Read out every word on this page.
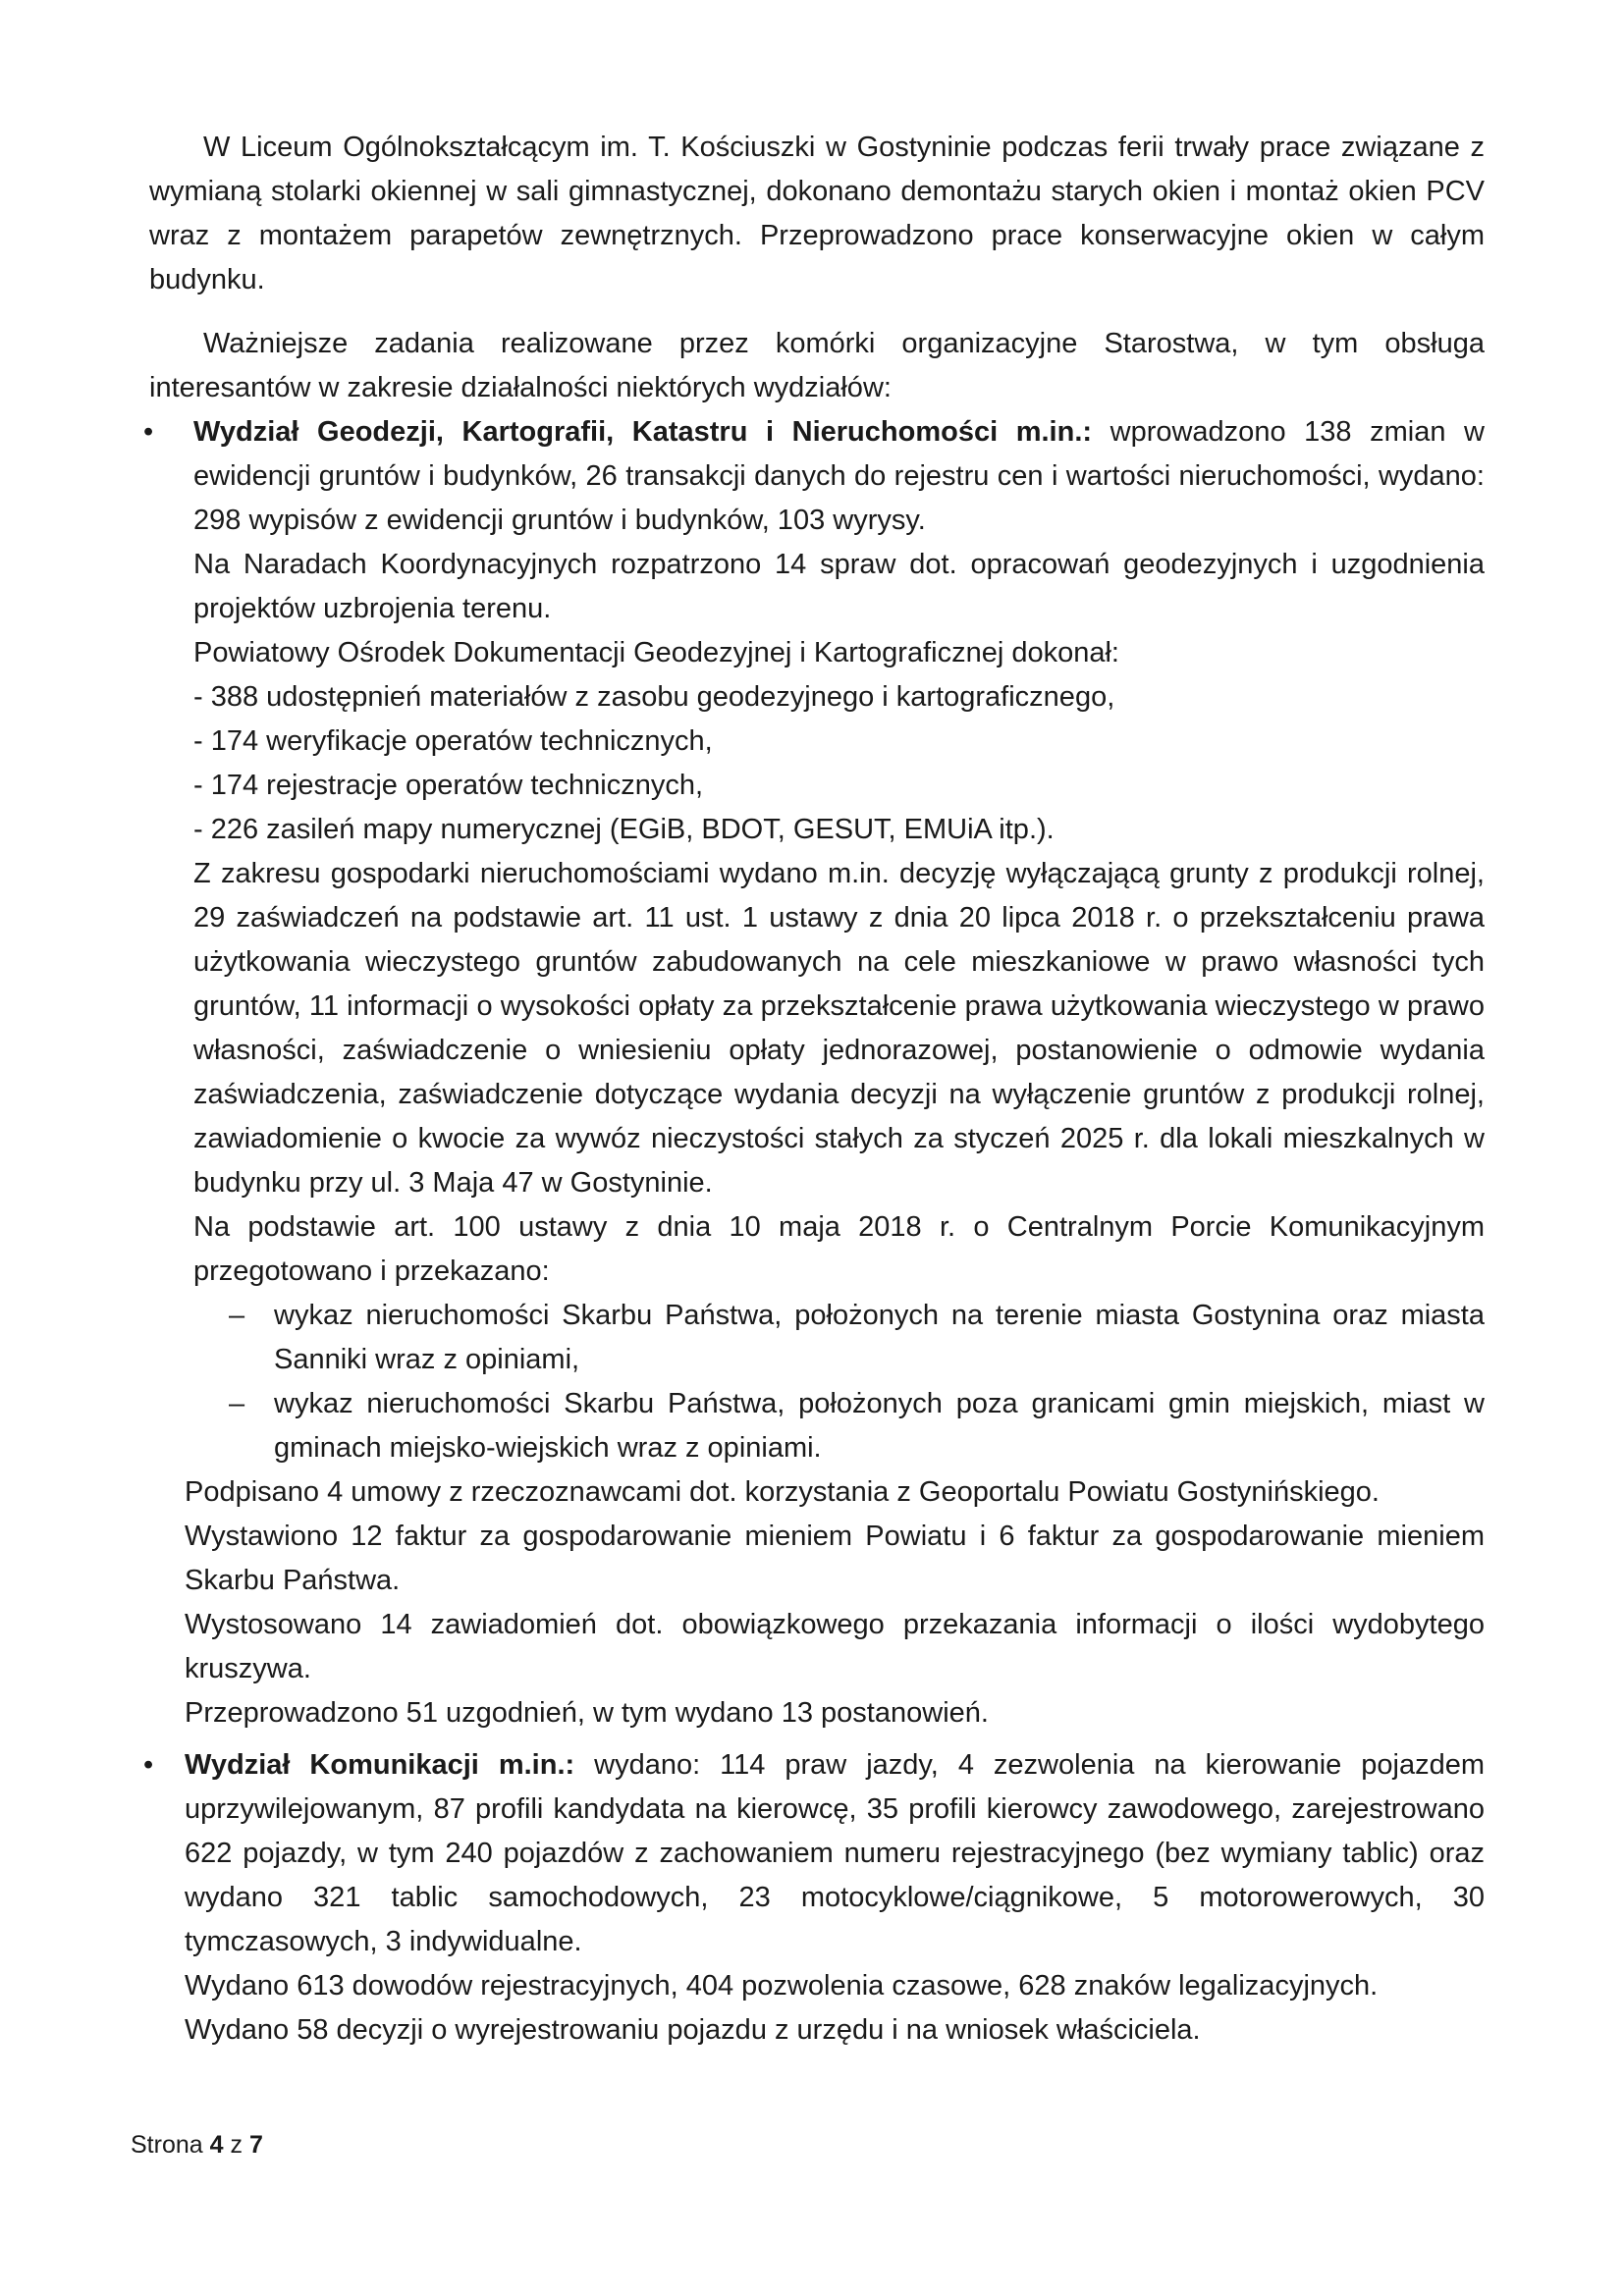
W Liceum Ogólnokształcącym im. T. Kościuszki w Gostyninie podczas ferii trwały prace związane z wymianą stolarki okiennej w sali gimnastycznej, dokonano demontażu starych okien i montaż okien PCV wraz z montażem parapetów zewnętrznych. Przeprowadzono prace konserwacyjne okien w całym budynku.

Ważniejsze zadania realizowane przez komórki organizacyjne Starostwa, w tym obsługa interesantów w zakresie działalności niektórych wydziałów:

• Wydział Geodezji, Kartografii, Katastru i Nieruchomości m.in.: wprowadzono 138 zmian w ewidencji gruntów i budynków, 26 transakcji danych do rejestru cen i wartości nieruchomości, wydano: 298 wypisów z ewidencji gruntów i budynków, 103 wyrysy.

Na Naradach Koordynacyjnych rozpatrzono 14 spraw dot. opracowań geodezyjnych i uzgodnienia projektów uzbrojenia terenu.

Powiatowy Ośrodek Dokumentacji Geodezyjnej i Kartograficznej dokonał:

- 388 udostępnień materiałów z zasobu geodezyjnego i kartograficznego,

- 174 weryfikacje operatów technicznych,

- 174 rejestracje operatów technicznych,

- 226 zasileń mapy numerycznej (EGiB, BDOT, GESUT, EMUiA itp.).

Z zakresu gospodarki nieruchomościami wydano m.in. decyzję wyłączającą grunty z produkcji rolnej, 29 zaświadczeń na podstawie art. 11 ust. 1 ustawy z dnia 20 lipca 2018 r. o przekształceniu prawa użytkowania wieczystego gruntów zabudowanych na cele mieszkaniowe w prawo własności tych gruntów, 11 informacji o wysokości opłaty za przekształcenie prawa użytkowania wieczystego w prawo własności, zaświadczenie o wniesieniu opłaty jednorazowej, postanowienie o odmowie wydania zaświadczenia, zaświadczenie dotyczące wydania decyzji na wyłączenie gruntów z produkcji rolnej, zawiadomienie o kwocie za wywóz nieczystości stałych za styczeń 2025 r. dla lokali mieszkalnych w budynku przy ul. 3 Maja 47 w Gostyninie.

Na podstawie art. 100 ustawy z dnia 10 maja 2018 r. o Centralnym Porcie Komunikacyjnym przegotowano i przekazano:

– wykaz nieruchomości Skarbu Państwa, położonych na terenie miasta Gostynina oraz miasta Sanniki wraz z opiniami,

– wykaz nieruchomości Skarbu Państwa, położonych poza granicami gmin miejskich, miast w gminach miejsko-wiejskich wraz z opiniami.

Podpisano 4 umowy z rzeczoznawcami dot. korzystania z Geoportalu Powiatu Gostynińskiego.

Wystawiono 12 faktur za gospodarowanie mieniem Powiatu i 6 faktur za gospodarowanie mieniem Skarbu Państwa.

Wystosowano 14 zawiadomień dot. obowiązkowego przekazania informacji o ilości wydobytego kruszywa.

Przeprowadzono 51 uzgodnień, w tym wydano 13 postanowień.

• Wydział Komunikacji m.in.: wydano: 114 praw jazdy, 4 zezwolenia na kierowanie pojazdem uprzywilejowanym, 87 profili kandydata na kierowcę, 35 profili kierowcy zawodowego, zarejestrowano 622 pojazdy, w tym 240 pojazdów z zachowaniem numeru rejestracyjnego (bez wymiany tablic) oraz wydano 321 tablic samochodowych, 23 motocyklowe/ciągnikowe, 5 motorowerowych, 30 tymczasowych, 3 indywidualne.

Wydano 613 dowodów rejestracyjnych, 404 pozwolenia czasowe, 628 znaków legalizacyjnych.

Wydano 58 decyzji o wyrejestrowaniu pojazdu z urzędu i na wniosek właściciela.

Strona 4 z 7
